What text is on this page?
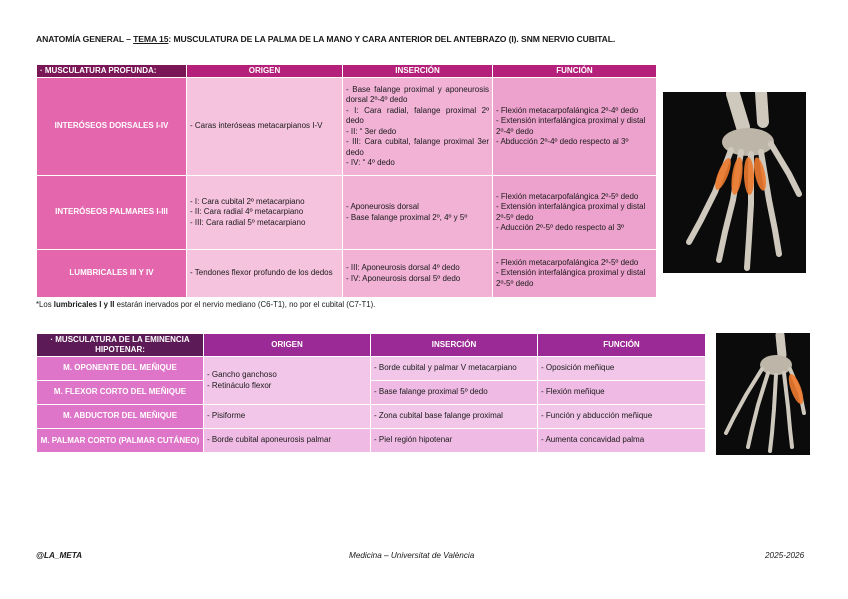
ANATOMÍA GENERAL – TEMA 15: MUSCULATURA DE LA PALMA DE LA MANO Y CARA ANTERIOR DEL ANTEBRAZO (I). SNM NERVIO CUBITAL.
· MUSCULATURA PROFUNDA:	ORIGEN	INSERCIÓN	FUNCIÓN
INTERÓSEOS DORSALES I-IV	- Caras interóseas metacarpianos I-V	- Base falange proximal y aponeurosis dorsal 2º-4º dedo
- I: Cara radial, falange proximal 2º dedo
- II: “ 3er dedo
- III: Cara cubital, falange proximal 3er dedo
- IV: “ 4º dedo	- Flexión metacarpofalángica 2º-4º dedo
- Extensión interfalángica proximal y distal 2º-4º dedo
- Abducción 2º-4º dedo respecto al 3º

INTERÓSEOS PALMARES I-III	- I: Cara cubital 2º metacarpiano
- II: Cara radial 4º metacarpiano
- III: Cara radial 5º metacarpiano	- Aponeurosis dorsal
- Base falange proximal 2º, 4º y 5º	- Flexión metacarpofalángica 2º-5º dedo
- Extensión interfalángica proximal y distal 2º-5º dedo
- Aducción 2º-5º dedo respecto al 3º

LUMBRICALES III Y IV	- Tendones flexor profundo de los dedos	- III: Aponeurosis dorsal 4º dedo
- IV: Aponeurosis dorsal 5º dedo	- Flexión metacarpofalángica 2º-5º dedo
- Extensión interfalángica proximal y distal 2º-5º dedo
*Los lumbricales I y II estarán inervados por el nervio mediano (C6-T1), no por el cubital (C7-T1).
· MUSCULATURA DE LA EMINENCIA HIPOTENAR:	ORIGEN	INSERCIÓN	FUNCIÓN
M. OPONENTE DEL MEÑIQUE	- Gancho ganchoso
- Retináculo flexor	- Borde cubital y palmar V metacarpiano	- Oposición meñique
M. FLEXOR CORTO DEL MEÑIQUE		- Base falange proximal 5º dedo	- Flexión meñique
M. ABDUCTOR DEL MEÑIQUE	- Pisiforme	- Zona cubital base falange proximal	- Función y abducción meñique
M. PALMAR CORTO (PALMAR CUTÁNEO)	- Borde cubital aponeurosis palmar	- Piel región hipotenar	- Aumenta concavidad palma
@LA_META	Medicina – Universitat de València	2025-2026
